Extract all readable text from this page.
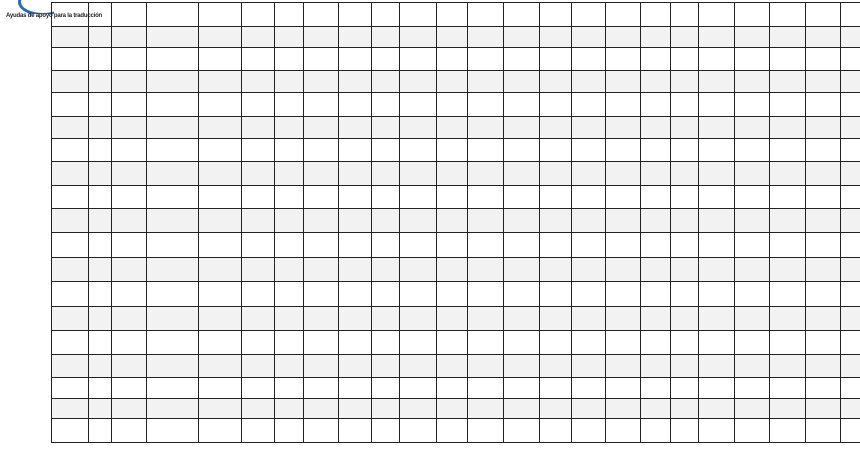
Ayudas de apoyo para la traducción
